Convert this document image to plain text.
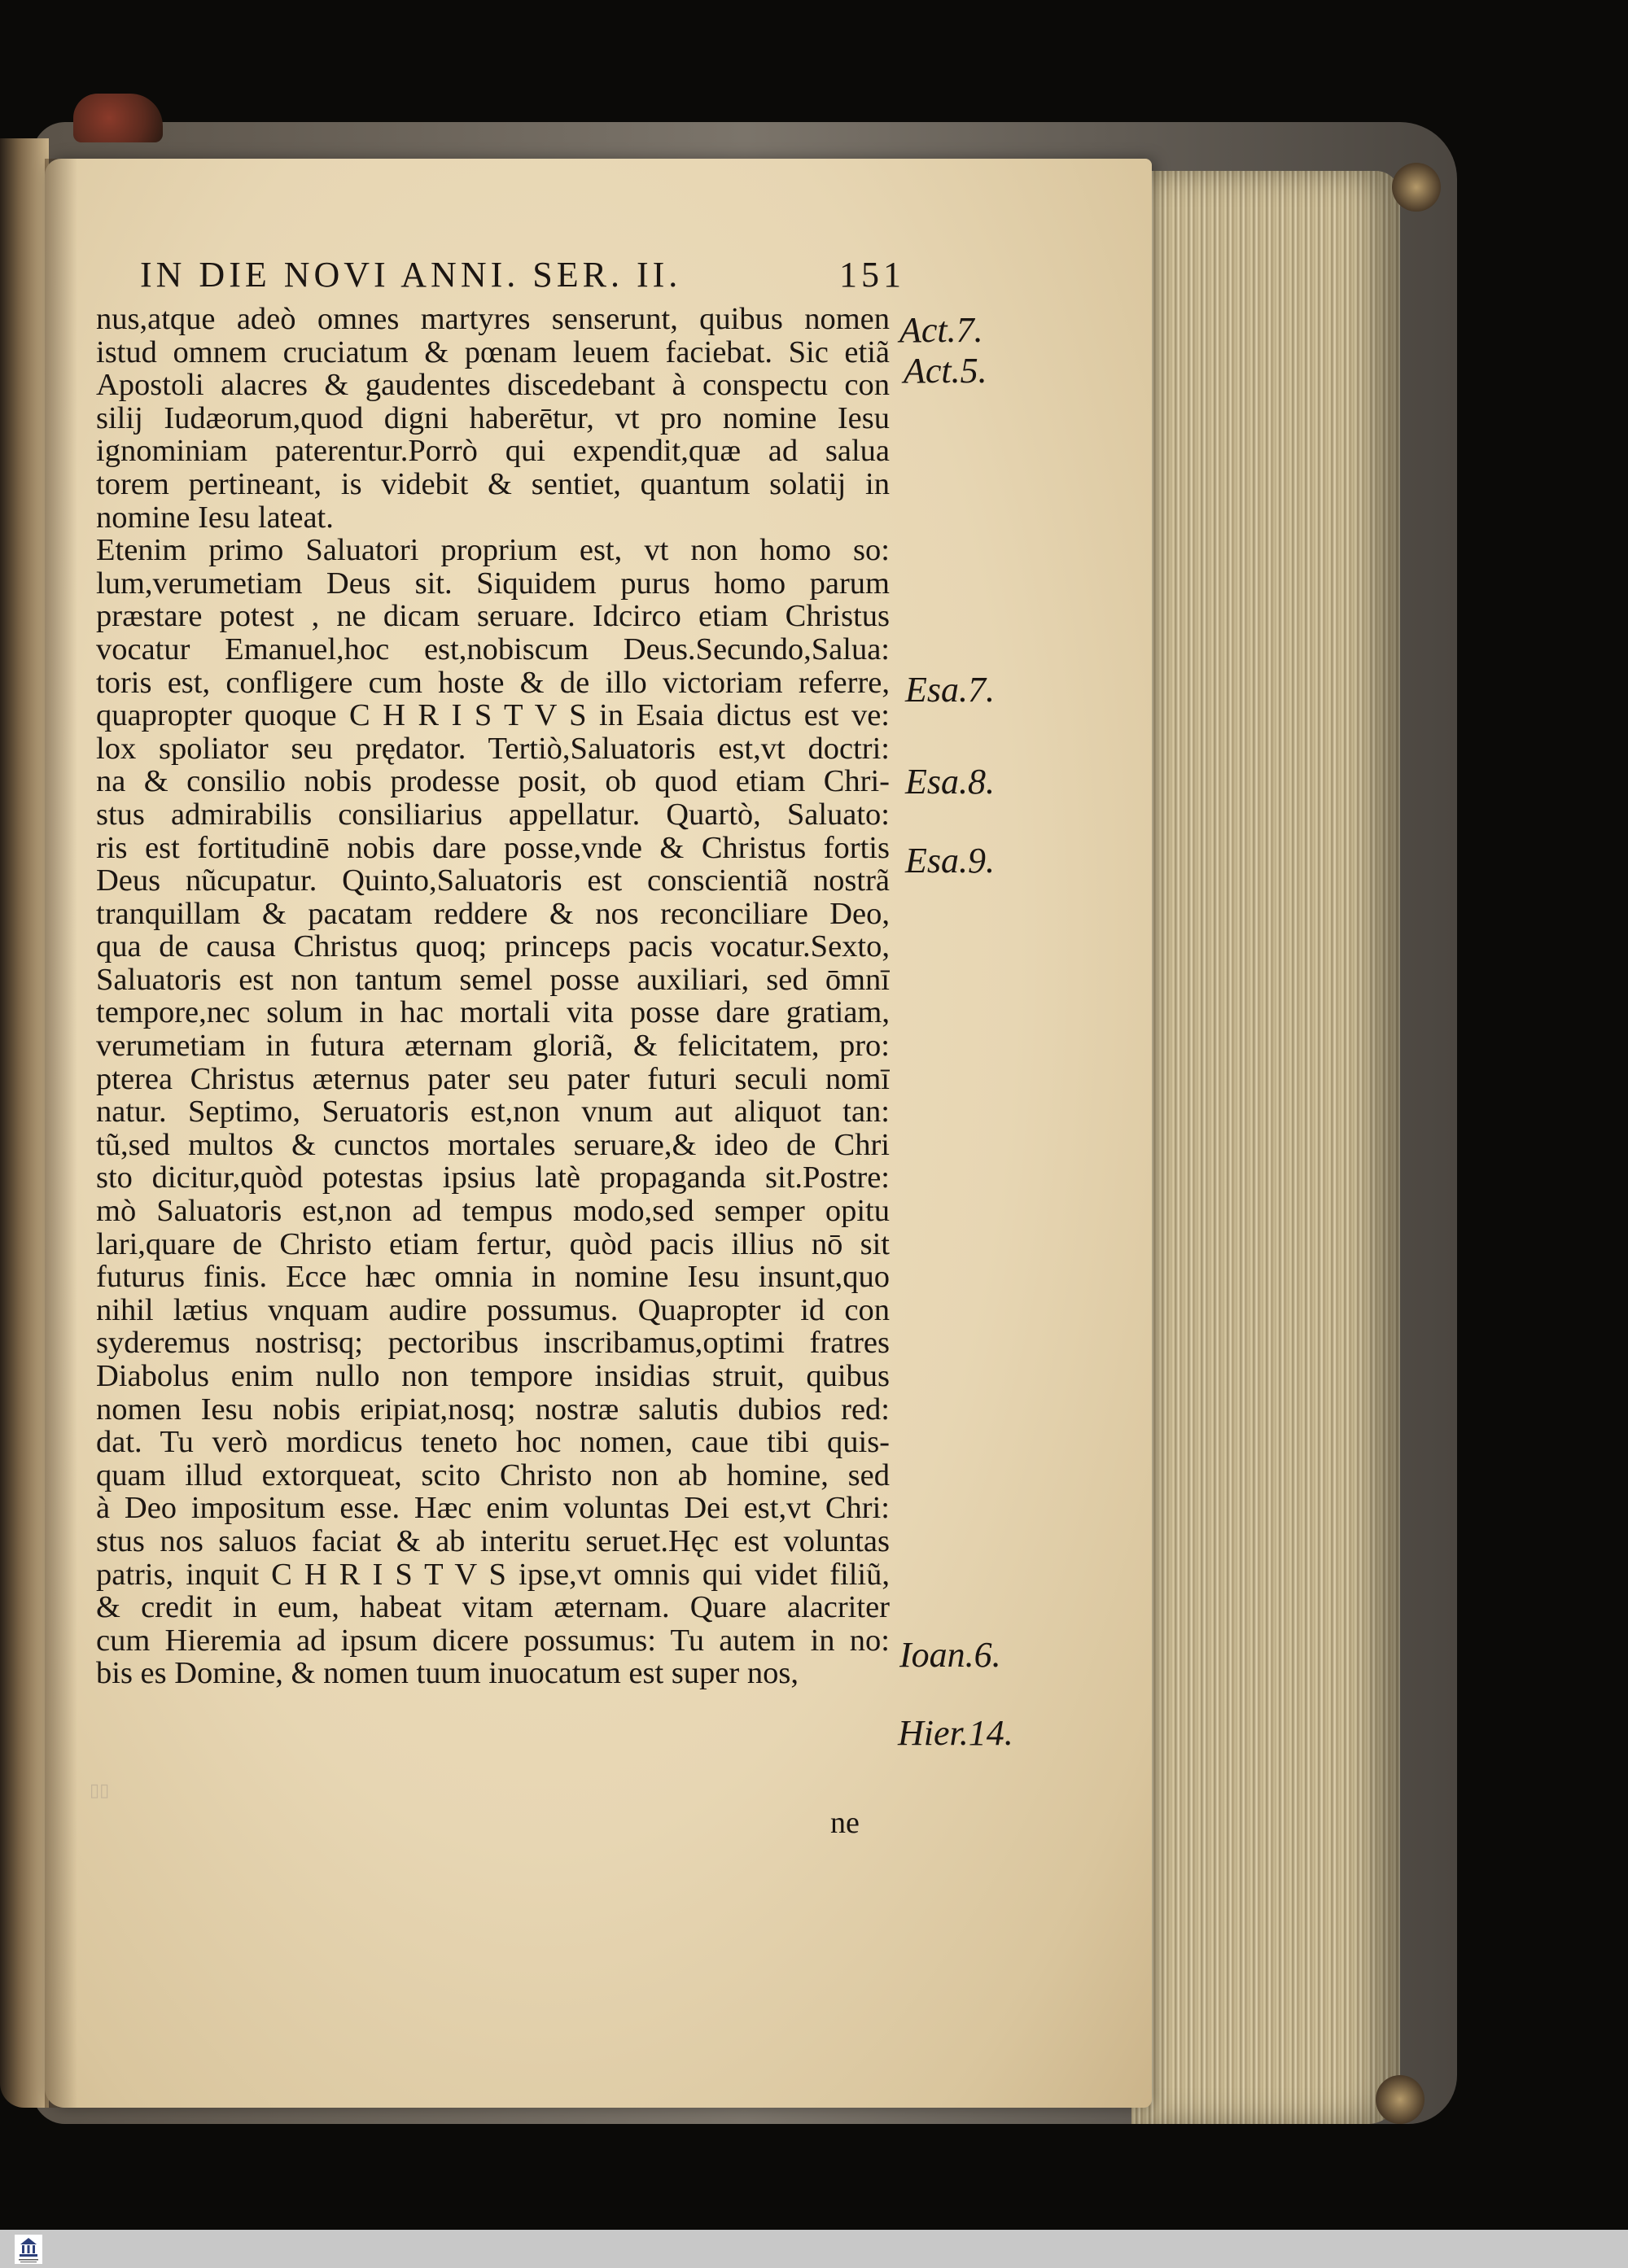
IN DIE NOVI ANNI. SER. II.	151
nus,atque adeò omnes martyres senserunt, quibus nomen
istud omnem cruciatum & pœnam leuem faciebat. Sic etiã
Apostoli alacres & gaudentes discedebant à conspectu con
silij Iudæorum,quod digni haberētur, vt pro nomine Iesu
ignominiam paterentur.Porrò qui expendit,quæ ad salua
torem pertineant, is videbit & sentiet, quantum solatij in
nomine Iesu lateat.
Etenim primo Saluatori proprium est, vt non homo so:
lum,verumetiam Deus sit. Siquidem purus homo parum
præstare potest , ne dicam seruare. Idcirco etiam Christus
vocatur Emanuel,hoc est,nobiscum Deus.Secundo,Salua:
toris est, confligere cum hoste & de illo victoriam referre,
quapropter quoque C H R I S T V S in Esaia dictus est ve:
lox spoliator seu prędator. Tertiò,Saluatoris est,vt doctri:
na & consilio nobis prodesse posit, ob quod etiam Chri-
stus admirabilis consiliarius appellatur. Quartò, Saluato:
ris est fortitudinē nobis dare posse,vnde & Christus fortis
Deus nũcupatur. Quinto,Saluatoris est conscientiã nostrã
tranquillam & pacatam reddere & nos reconciliare Deo,
qua de causa Christus quoq; princeps pacis vocatur.Sexto,
Saluatoris est non tantum semel posse auxiliari, sed ōmnī
tempore,nec solum in hac mortali vita posse dare gratiam,
verumetiam in futura æternam gloriã, & felicitatem, pro:
pterea Christus æternus pater seu pater futuri seculi nomī
natur. Septimo, Seruatoris est,non vnum aut aliquot tan:
tũ,sed multos & cunctos mortales seruare,& ideo de Chri
sto dicitur,quòd potestas ipsius latè propaganda sit.Postre:
mò Saluatoris est,non ad tempus modo,sed semper opitu
lari,quare de Christo etiam fertur, quòd pacis illius nō sit
futurus finis. Ecce hæc omnia in nomine Iesu insunt,quo
nihil lætius vnquam audire possumus. Quapropter id con
syderemus nostrisq; pectoribus inscribamus,optimi fratres
Diabolus enim nullo non tempore insidias struit, quibus
nomen Iesu nobis eripiat,nosq; nostræ salutis dubios red:
dat. Tu verò mordicus teneto hoc nomen, caue tibi quis-
quam illud extorqueat, scito Christo non ab homine, sed
à Deo impositum esse. Hæc enim voluntas Dei est,vt Chri:
stus nos saluos faciat & ab interitu seruet.Hęc est voluntas
patris, inquit C H R I S T V S ipse,vt omnis qui videt filiũ,
& credit in eum, habeat vitam æternam. Quare alacriter
cum Hieremia ad ipsum dicere possumus: Tu autem in no:
bis es Domine, & nomen tuum inuocatum est super nos,
ne
▯▯
Act.7.
Act.5.
Esa.7.
Esa.8.
Esa.9.
Ioan.6.
Hier.14.
